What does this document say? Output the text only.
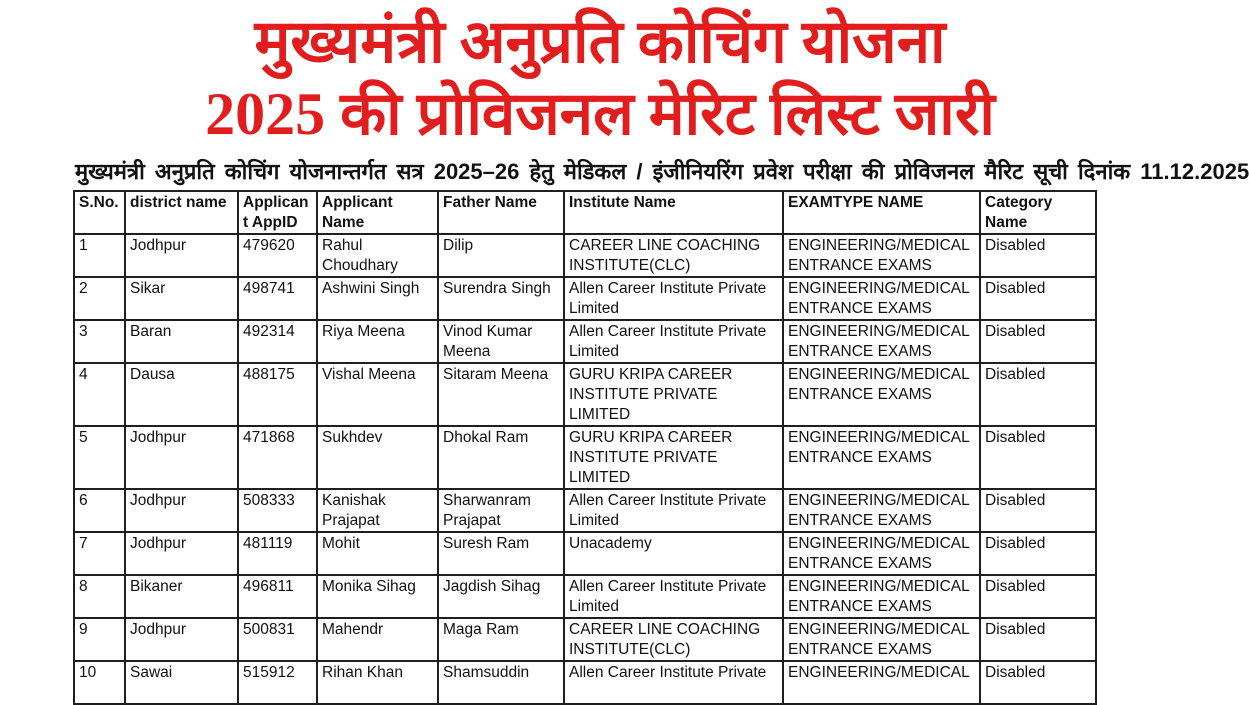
मुख्यमंत्री अनुप्रति कोचिंग योजना
2025 की प्रोविजनल मेरिट लिस्ट जारी
मुख्यमंत्री अनुप्रति कोचिंग योजनान्तर्गत सत्र 2025–26 हेतु मेडिकल / इंजीनियरिंग प्रवेश परीक्षा की प्रोविजनल मैरिट सूची दिनांक 11.12.2025
S.No.	district name	Applicant AppID	Applicant Name	Father Name	Institute Name	EXAMTYPE NAME	Category Name
1	Jodhpur	479620	Rahul Choudhary	Dilip	CAREER LINE COACHING INSTITUTE(CLC)	ENGINEERING/MEDICAL ENTRANCE EXAMS	Disabled
2	Sikar	498741	Ashwini Singh	Surendra Singh	Allen Career Institute Private Limited	ENGINEERING/MEDICAL ENTRANCE EXAMS	Disabled
3	Baran	492314	Riya Meena	Vinod Kumar Meena	Allen Career Institute Private Limited	ENGINEERING/MEDICAL ENTRANCE EXAMS	Disabled
4	Dausa	488175	Vishal Meena	Sitaram Meena	GURU KRIPA CAREER INSTITUTE PRIVATE LIMITED	ENGINEERING/MEDICAL ENTRANCE EXAMS	Disabled
5	Jodhpur	471868	Sukhdev	Dhokal Ram	GURU KRIPA CAREER INSTITUTE PRIVATE LIMITED	ENGINEERING/MEDICAL ENTRANCE EXAMS	Disabled
6	Jodhpur	508333	Kanishak Prajapat	Sharwanram Prajapat	Allen Career Institute Private Limited	ENGINEERING/MEDICAL ENTRANCE EXAMS	Disabled
7	Jodhpur	481119	Mohit	Suresh Ram	Unacademy	ENGINEERING/MEDICAL ENTRANCE EXAMS	Disabled
8	Bikaner	496811	Monika Sihag	Jagdish Sihag	Allen Career Institute Private Limited	ENGINEERING/MEDICAL ENTRANCE EXAMS	Disabled
9	Jodhpur	500831	Mahendr	Maga Ram	CAREER LINE COACHING INSTITUTE(CLC)	ENGINEERING/MEDICAL ENTRANCE EXAMS	Disabled
10	Sawai	515912	Rihan Khan	Shamsuddin	Allen Career Institute Private	ENGINEERING/MEDICAL	Disabled
